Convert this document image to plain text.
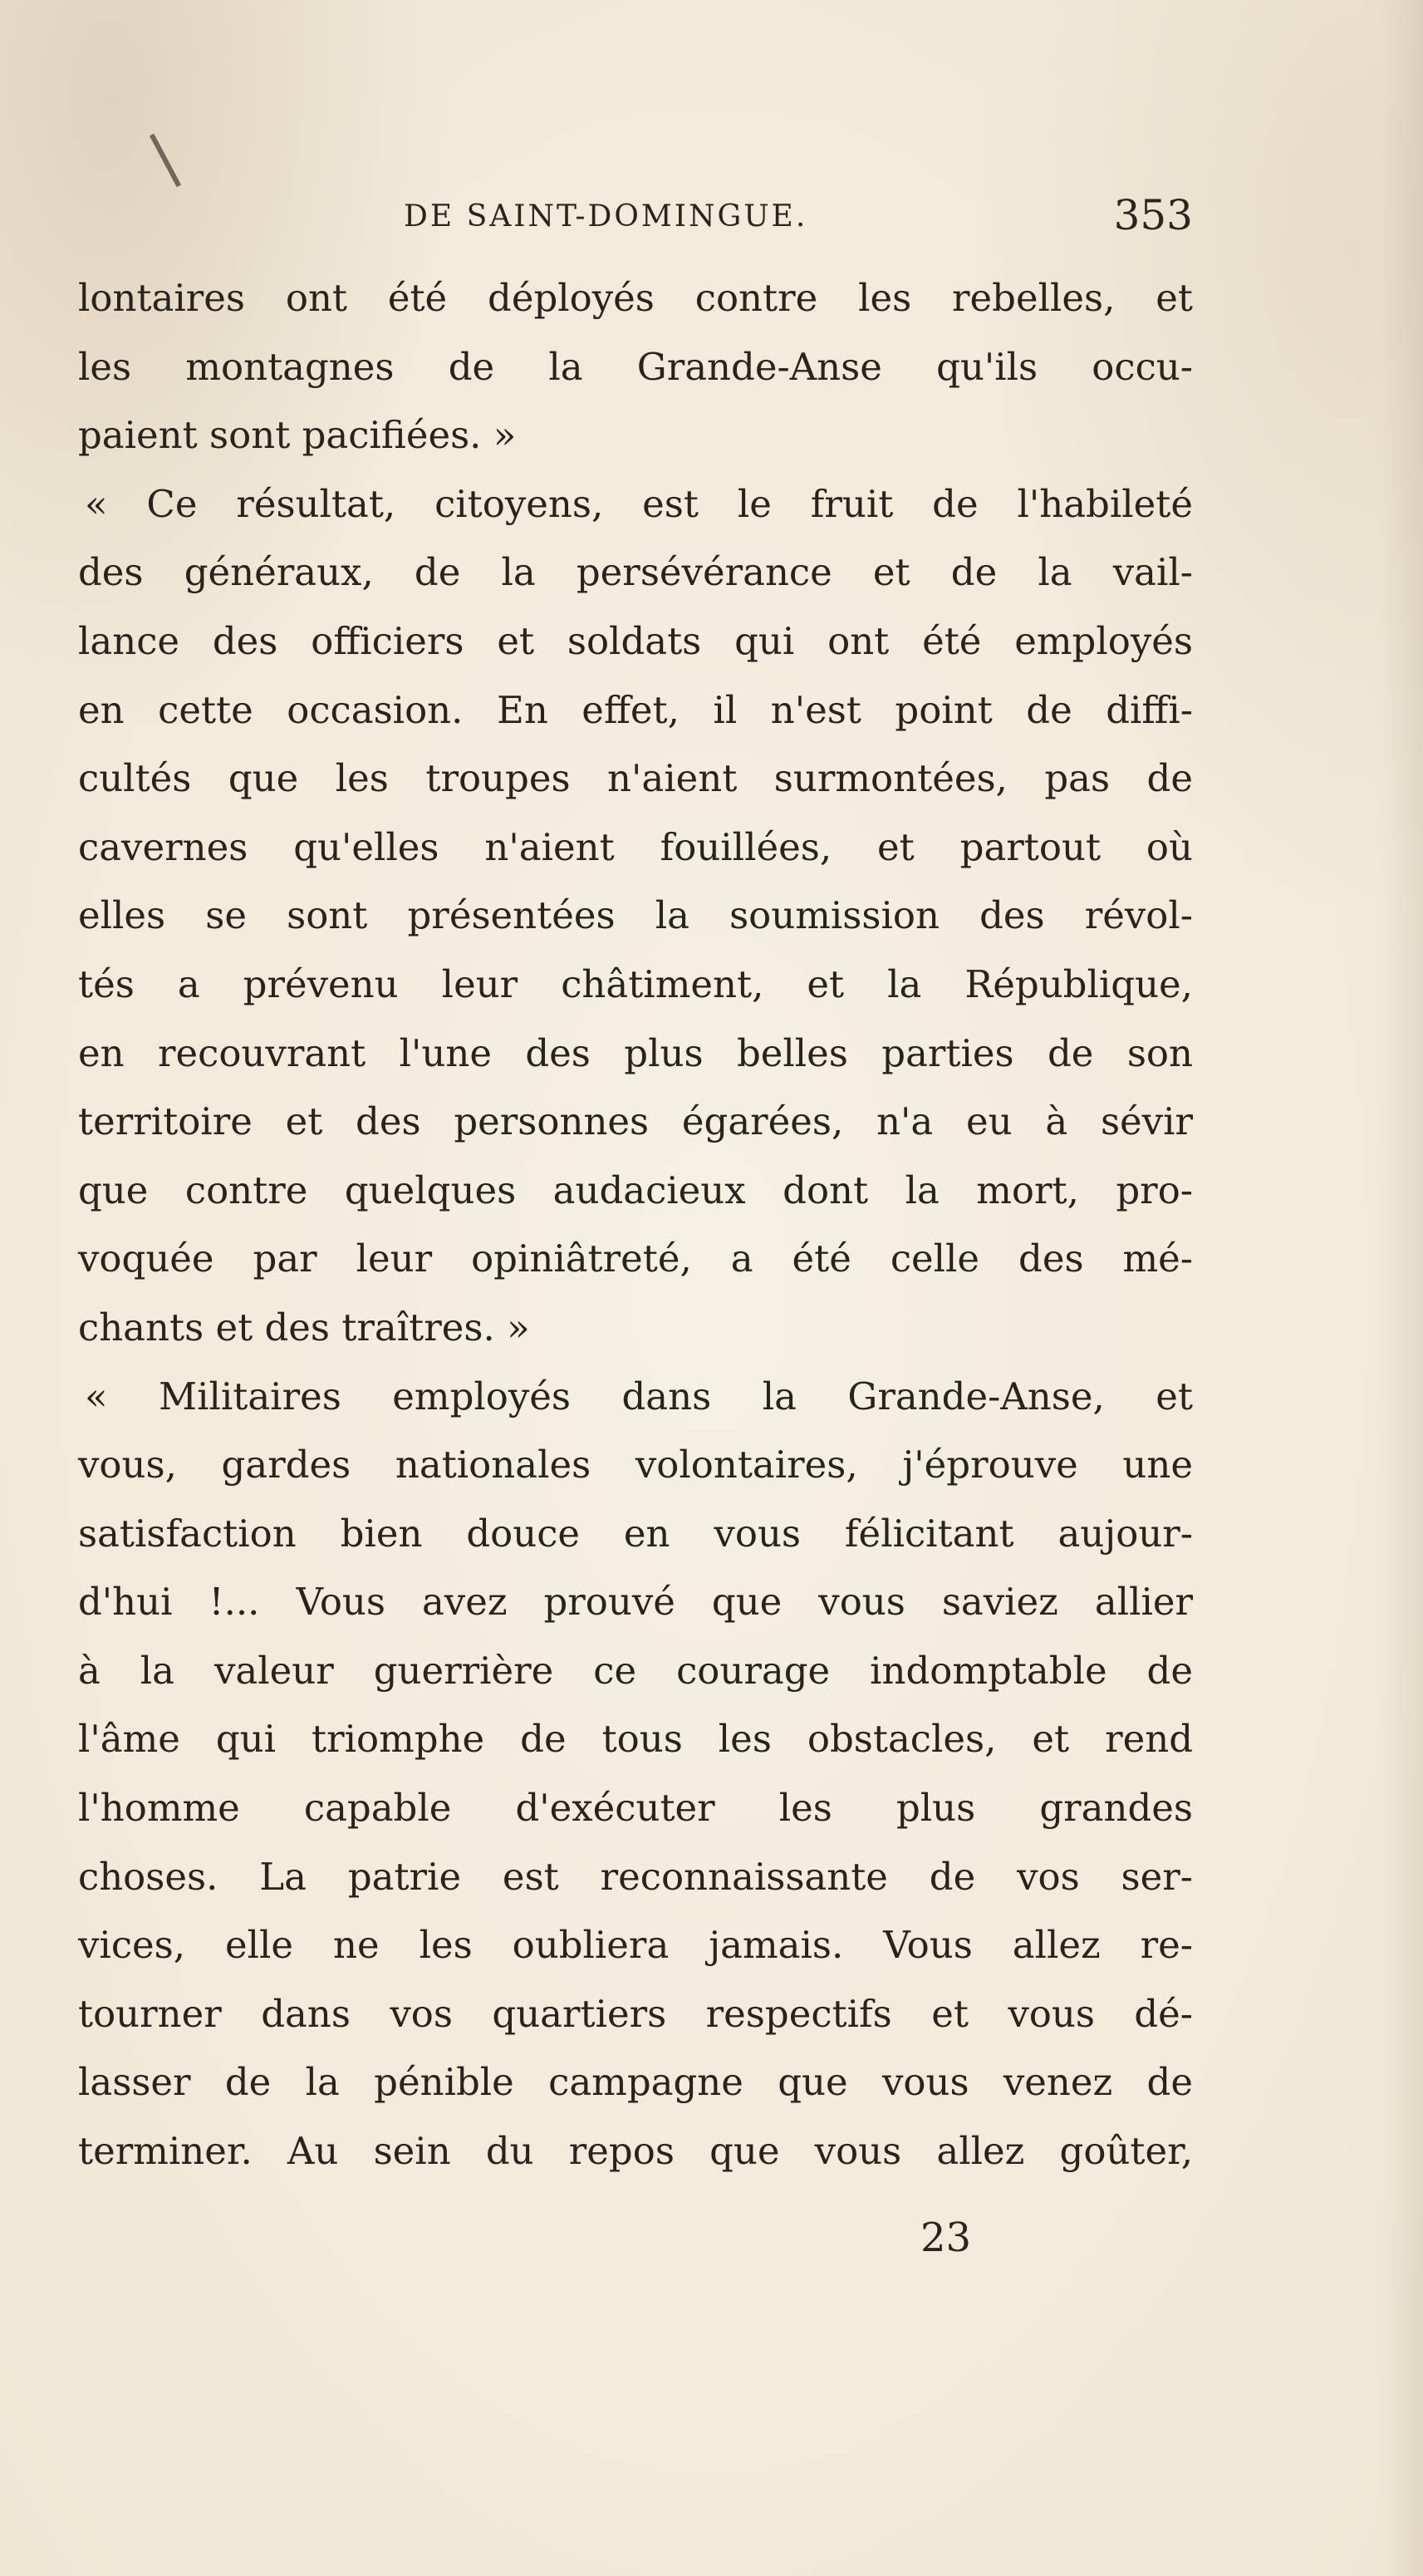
DE SAINT-DOMINGUE.	353
lontaires ont été déployés contre les rebelles, et
les montagnes de la Grande-Anse qu'ils occu-
paient sont pacifiées. »
« Ce résultat, citoyens, est le fruit de l'habileté
des généraux, de la persévérance et de la vail-
lance des officiers et soldats qui ont été employés
en cette occasion. En effet, il n'est point de diffi-
cultés que les troupes n'aient surmontées, pas de
cavernes qu'elles n'aient fouillées, et partout où
elles se sont présentées la soumission des révol-
tés a prévenu leur châtiment, et la République,
en recouvrant l'une des plus belles parties de son
territoire et des personnes égarées, n'a eu à sévir
que contre quelques audacieux dont la mort, pro-
voquée par leur opiniâtreté, a été celle des mé-
chants et des traîtres. »
« Militaires employés dans la Grande-Anse, et
vous, gardes nationales volontaires, j'éprouve une
satisfaction bien douce en vous félicitant aujour-
d'hui !... Vous avez prouvé que vous saviez allier
à la valeur guerrière ce courage indomptable de
l'âme qui triomphe de tous les obstacles, et rend
l'homme capable d'exécuter les plus grandes
choses. La patrie est reconnaissante de vos ser-
vices, elle ne les oubliera jamais. Vous allez re-
tourner dans vos quartiers respectifs et vous dé-
lasser de la pénible campagne que vous venez de
terminer. Au sein du repos que vous allez goûter,
23
